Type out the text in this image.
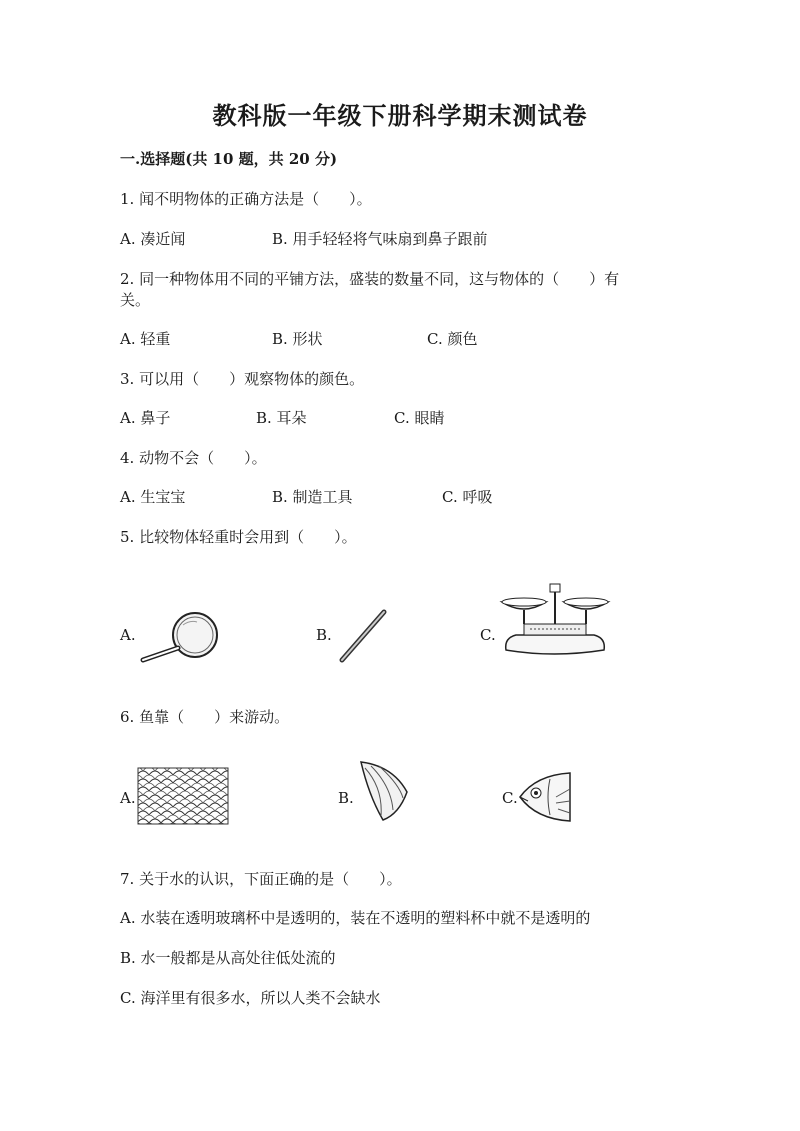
教科版一年级下册科学期末测试卷
一.选择题(共 10 题，共 20 分)
1. 闻不明物体的正确方法是（　　）。
A. 凑近闻	B. 用手轻轻将气味扇到鼻子跟前
2. 同一种物体用不同的平铺方法，盛装的数量不同，这与物体的（　　）有
关。
A. 轻重	B. 形状	C. 颜色
3. 可以用（　　）观察物体的颜色。
A. 鼻子	B. 耳朵	C. 眼睛
4. 动物不会（　　）。
A. 生宝宝	B. 制造工具	C. 呼吸
5. 比较物体轻重时会用到（　　）。
A.	B.	C.
6. 鱼靠（　　）来游动。
A.	B.	C.
7. 关于水的认识，下面正确的是（　　）。
A. 水装在透明玻璃杯中是透明的，装在不透明的塑料杯中就不是透明的
B. 水一般都是从高处往低处流的
C. 海洋里有很多水，所以人类不会缺水
